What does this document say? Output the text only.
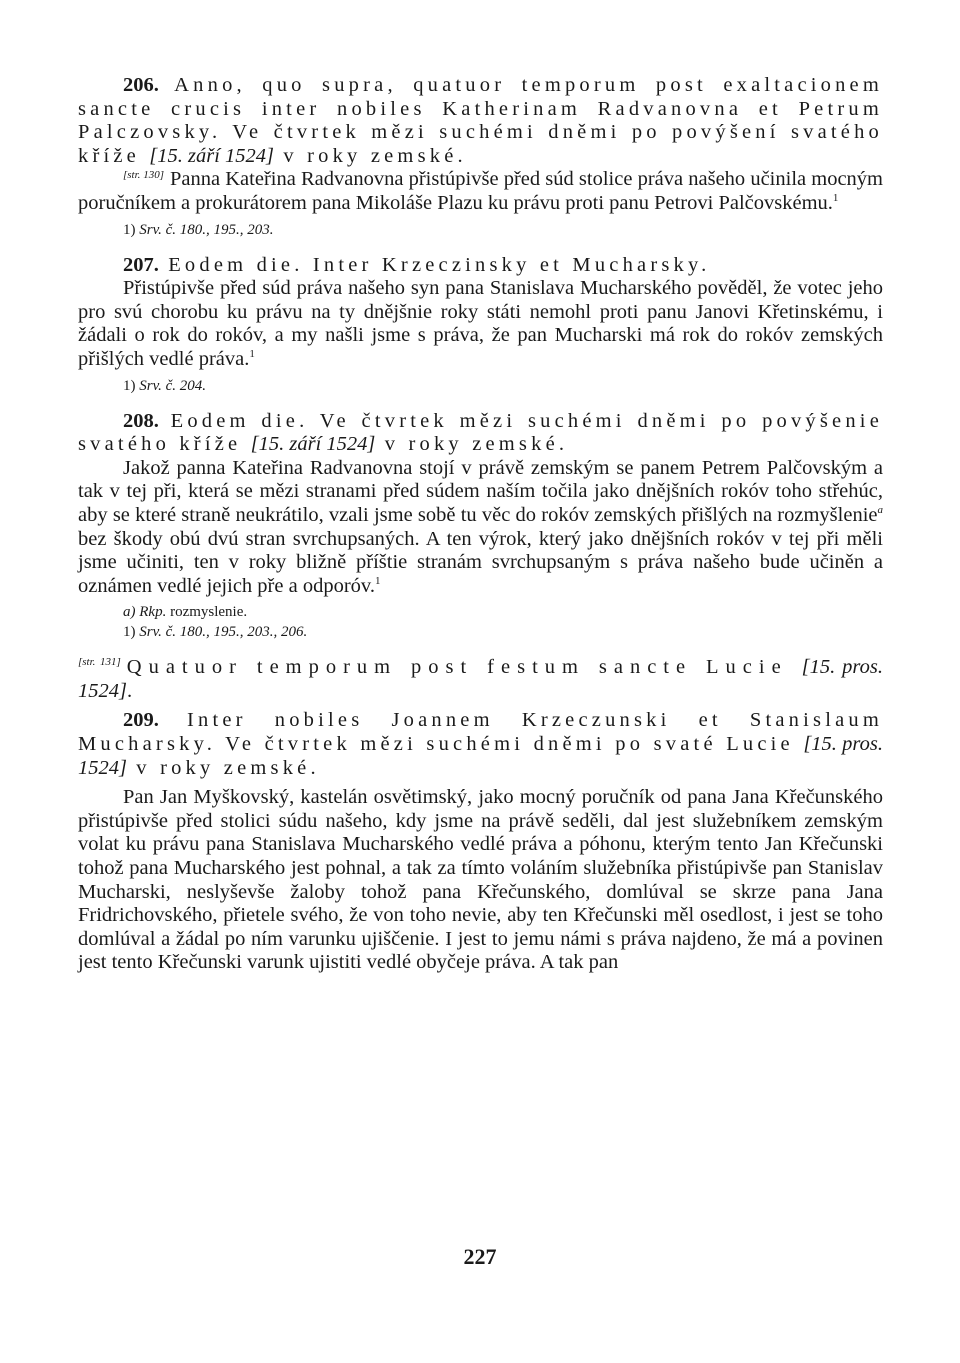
206. Anno, quo supra, quatuor temporum post exaltacionem sancte crucis inter nobiles Katherinam Radvanovna et Petrum Palczovsky. Ve čtvrtek mězi suchémi dněmi po povýšení svatého kříže [15. září 1524] v roky zemské.

[str. 130] Panna Kateřina Radvanovna přistúpivše před súd stolice práva našeho učinila mocným poručníkem a prokurátorem pana Mikoláše Plazu ku právu proti panu Petrovi Palčovskému.$^1$

1) Srv. č. 180., 195., 203.

207. Eodem die. Inter Krzeczinsky et Mucharsky.

Přistúpivše před súd práva našeho syn pana Stanislava Mucharského pověděl, že votec jeho pro svú chorobu ku právu na ty dnějšnie roky státi nemohl proti panu Janovi Křetinskému, i žádali o rok do rokóv, a my našli jsme s práva, že pan Mucharski má rok do rokóv zemských přišlých vedlé práva.$^1$

1) Srv. č. 204.

208. Eodem die. Ve čtvrtek mězi suchémi dněmi po povýšenie svatého kříže [15. září 1524] v roky zemské.

Jakož panna Kateřina Radvanovna stojí v právě zemským se panem Petrem Palčovským a tak v tej při, která se mězi stranami před súdem naším točila jako dnějšních rokóv toho střehúc, aby se které straně neukrátilo, vzali jsme sobě tu věc do rokóv zemských přišlých na rozmyšlenie$^a$ bez škody obú dvú stran svrchupsaných. A ten výrok, který jako dnějšních rokóv v tej při měli jsme učiniti, ten v roky bližně příštie stranám svrchupsaným s práva našeho bude učiněn a oznámen vedlé jejich pře a odporóv.$^1$

a) Rkp. rozmyslenie.

1) Srv. č. 180., 195., 203., 206.

[str. 131] Quatuor temporum post festum sancte Lucie [15. pros. 1524].

209. Inter nobiles Joannem Krzeczunski et Stanislaum Mucharsky. Ve čtvrtek mězi suchémi dněmi po svaté Lucie [15. pros. 1524] v roky zemské.

Pan Jan Myškovský, kastelán osvětimský, jako mocný poručník od pana Jana Křečunského přistúpivše před stolici súdu našeho, kdy jsme na právě seděli, dal jest služebníkem zemským volat ku právu pana Stanislava Mucharského vedlé práva a póhonu, kterým tento Jan Křečunski tohož pana Mucharského jest pohnal, a tak za tímto voláním služebníka přistúpivše pan Stanislav Mucharski, neslyševše žaloby tohož pana Křečunského, domlúval se skrze pana Jana Fridrichovského, přietele svého, že von toho nevie, aby ten Křečunski měl osedlost, i jest se toho domlúval a žádal po ním varunku ujiščenie. I jest to jemu námi s práva najdeno, že má a povinen jest tento Křečunski varunk ujistiti vedlé obyčeje práva. A tak pan

227
